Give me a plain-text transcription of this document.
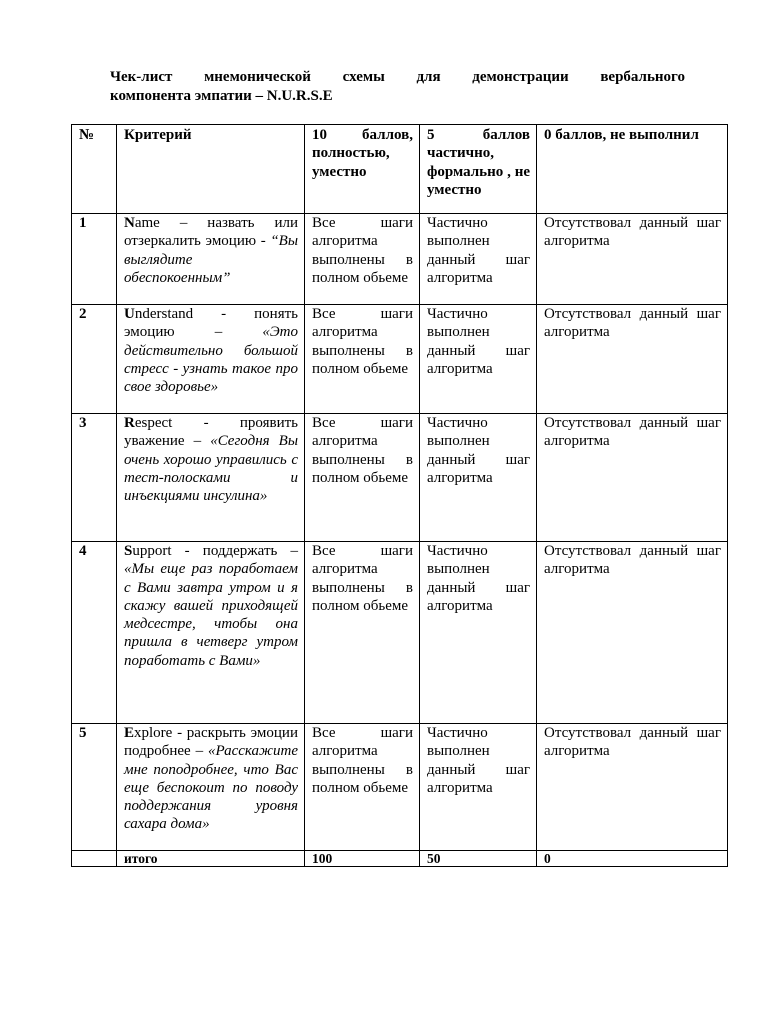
Чек-лист мнемонической схемы для демонстрации вербального
компонента эмпатии – N.U.R.S.E
№	Критерий	10 баллов, полностью, уместно	5 баллов частично, формально , не уместно	0 баллов, не выполнил
1	Name – назвать или отзеркалить эмоцию - “Вы выглядите обеспокоенным”	Все шаги алгоритма выполнены в полном обьеме	Частично выполнен данный шаг алгоритма	Отсутствовал данный шаг алгоритма
2	Understand - понять эмоцию – «Это действительно большой стресс - узнать такое про свое здоровье»	Все шаги алгоритма выполнены в полном обьеме	Частично выполнен данный шаг алгоритма	Отсутствовал данный шаг алгоритма
3	Respect - проявить уважение – «Сегодня Вы очень хорошо управились с тест-полосками и инъекциями инсулина»	Все шаги алгоритма выполнены в полном обьеме	Частично выполнен данный шаг алгоритма	Отсутствовал данный шаг алгоритма
4	Support - поддержать – «Мы еще раз поработаем с Вами завтра утром и я скажу вашей приходящей медсестре, чтобы она пришла в четверг утром поработать с Вами»	Все шаги алгоритма выполнены в полном обьеме	Частично выполнен данный шаг алгоритма	Отсутствовал данный шаг алгоритма
5	Explore - раскрыть эмоции подробнее – «Расскажите мне поподробнее, что Вас еще беспокоит по поводу поддержания уровня сахара дома»	Все шаги алгоритма выполнены в полном обьеме	Частично выполнен данный шаг алгоритма	Отсутствовал данный шаг алгоритма
	итого	100	50	0
